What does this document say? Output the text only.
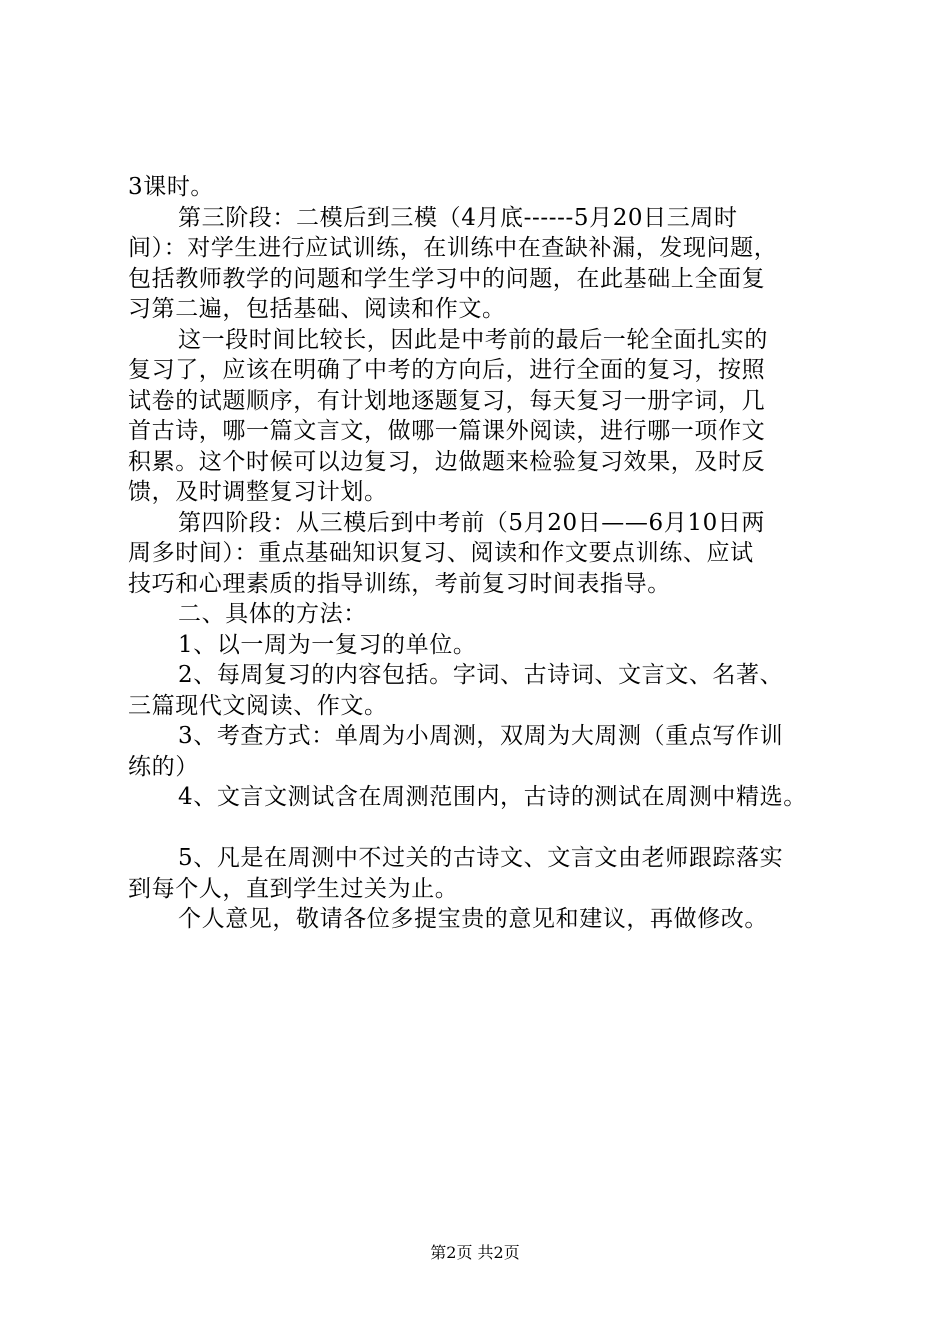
3课时。
第三阶段：二模后到三模（4月底------5月20日三周时
间）：对学生进行应试训练，在训练中在查缺补漏，发现问题，
包括教师教学的问题和学生学习中的问题，在此基础上全面复
习第二遍，包括基础、阅读和作文。
这一段时间比较长，因此是中考前的最后一轮全面扎实的
复习了，应该在明确了中考的方向后，进行全面的复习，按照
试卷的试题顺序，有计划地逐题复习，每天复习一册字词，几
首古诗，哪一篇文言文，做哪一篇课外阅读，进行哪一项作文
积累。这个时候可以边复习，边做题来检验复习效果，及时反
馈，及时调整复习计划。
第四阶段：从三模后到中考前（5月20日——6月10日两
周多时间）：重点基础知识复习、阅读和作文要点训练、应试
技巧和心理素质的指导训练，考前复习时间表指导。
二、具体的方法：
1、以一周为一复习的单位。
2、每周复习的内容包括。字词、古诗词、文言文、名著、
三篇现代文阅读、作文。
3、考查方式：单周为小周测，双周为大周测（重点写作训
练的）
4、文言文测试含在周测范围内，古诗的测试在周测中精选。
5、凡是在周测中不过关的古诗文、文言文由老师跟踪落实
到每个人，直到学生过关为止。
个人意见，敬请各位多提宝贵的意见和建议，再做修改。
第2页 共2页
